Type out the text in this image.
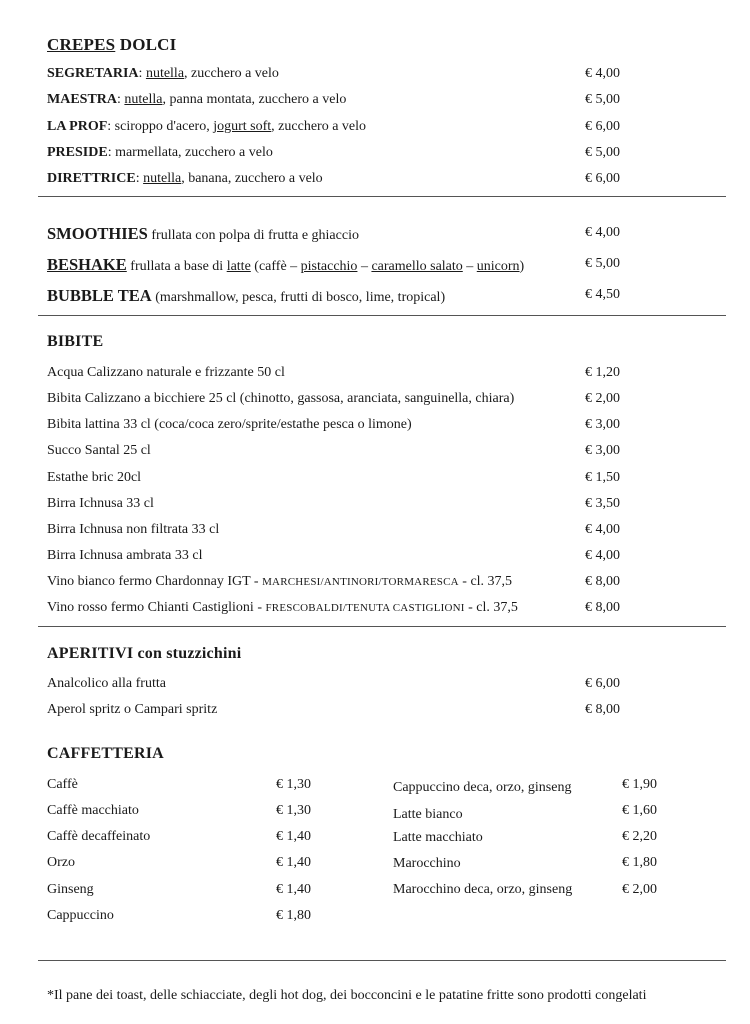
CREPES DOLCI
SEGRETARIA: nutella, zucchero a velo	€ 4,00
MAESTRA: nutella, panna montata, zucchero a velo	€ 5,00
LA PROF: sciroppo d'acero, jogurt soft, zucchero a velo	€ 6,00
PRESIDE: marmellata, zucchero a velo	€ 5,00
DIRETTRICE: nutella, banana, zucchero a velo	€ 6,00
SMOOTHIES frullata con polpa di frutta e ghiaccio	€ 4,00
BESHAKE frullata a base di latte (caffè – pistacchio – caramello salato – unicorn)	€ 5,00
BUBBLE TEA (marshmallow, pesca, frutti di bosco, lime, tropical)	€ 4,50
BIBITE
Acqua Calizzano naturale e frizzante 50 cl	€ 1,20
Bibita Calizzano a bicchiere 25 cl (chinotto, gassosa, aranciata, sanguinella, chiara)	€ 2,00
Bibita lattina 33 cl (coca/coca zero/sprite/estathe pesca o limone)	€ 3,00
Succo Santal 25 cl	€ 3,00
Estathe bric 20cl	€ 1,50
Birra Ichnusa 33 cl	€ 3,50
Birra Ichnusa non filtrata 33 cl	€ 4,00
Birra Ichnusa ambrata 33 cl	€ 4,00
Vino bianco fermo Chardonnay IGT - MARCHESI/ANTINORI/TORMARESCA - cl. 37,5	€ 8,00
Vino rosso fermo Chianti Castiglioni - FRESCOBALDI/TENUTA CASTIGLIONI - cl. 37,5	€ 8,00
APERITIVI con stuzzichini
Analcolico alla frutta	€ 6,00
Aperol spritz o Campari spritz	€ 8,00
CAFFETTERIA
Caffè	€ 1,30
Caffè macchiato	€ 1,30
Caffè decaffeinato	€ 1,40
Orzo	€ 1,40
Ginseng	€ 1,40
Cappuccino	€ 1,80
Cappuccino deca, orzo, ginseng	€ 1,90
Latte bianco	€ 1,60
Latte macchiato	€ 2,20
Marocchino	€ 1,80
Marocchino deca, orzo, ginseng	€ 2,00
*Il pane dei toast, delle schiacciate, degli hot dog, dei bocconcini e le patatine fritte sono prodotti congelati
